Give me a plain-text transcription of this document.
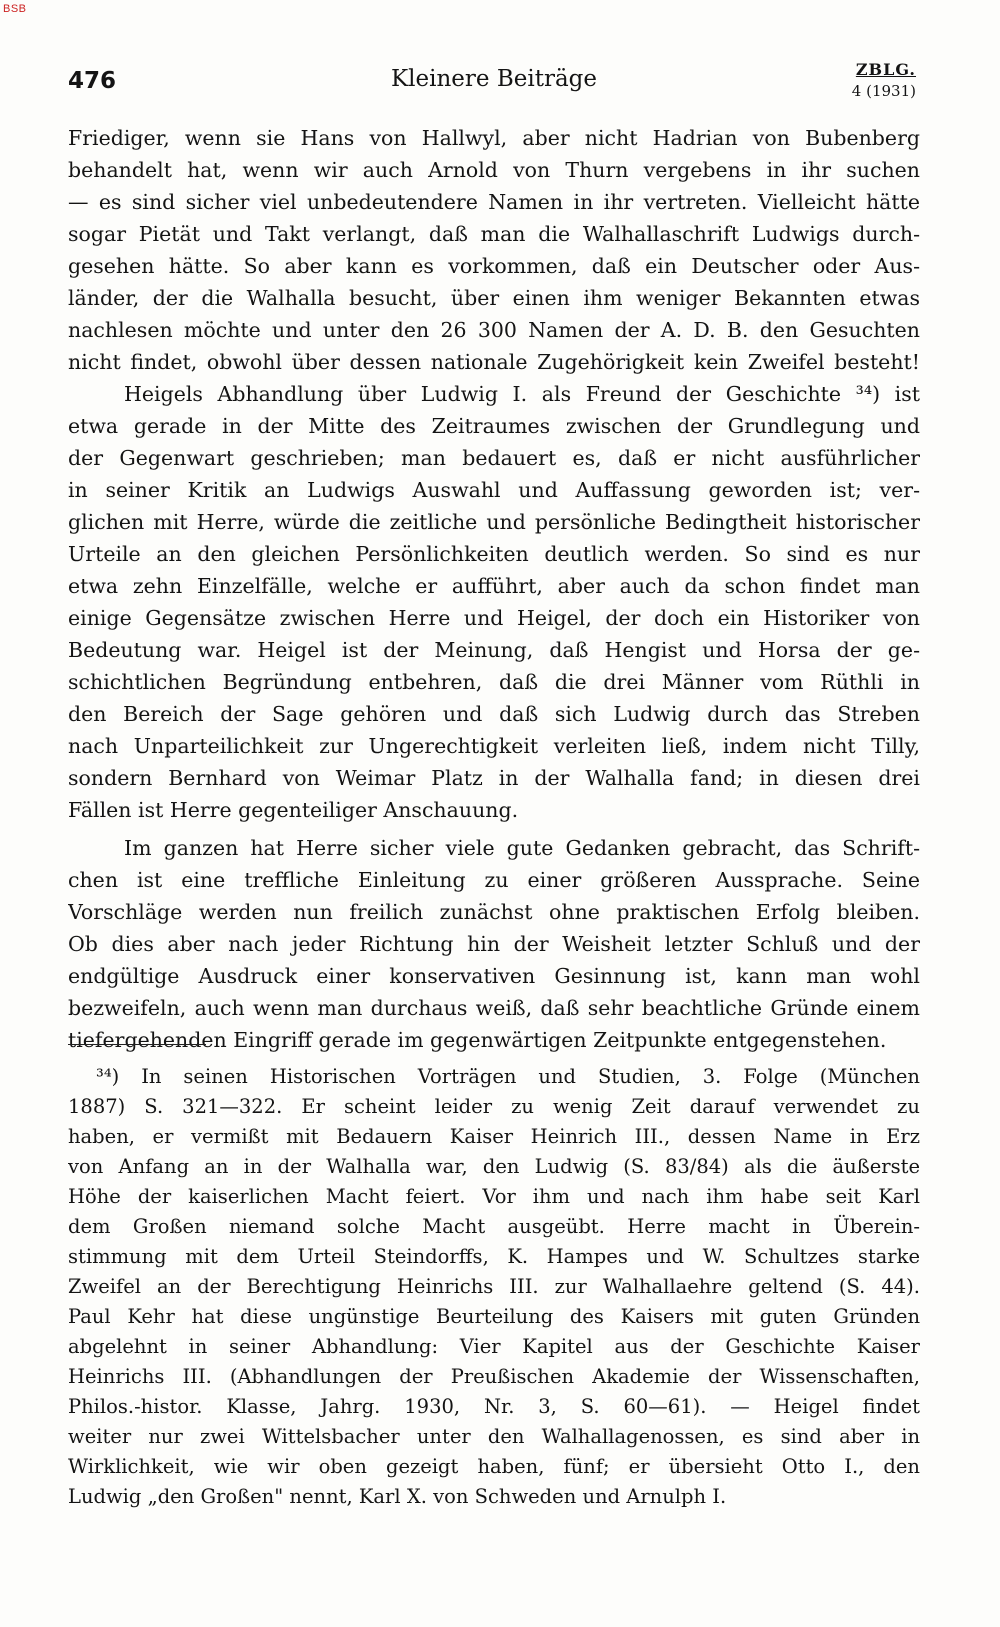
BSB
476	Kleinere Beiträge	ZBLG.
4 (1931)
Friediger, wenn sie Hans von Hallwyl, aber nicht Hadrian von Bubenberg
behandelt hat, wenn wir auch Arnold von Thurn vergebens in ihr suchen
— es sind sicher viel unbedeutendere Namen in ihr vertreten. Vielleicht hätte
sogar Pietät und Takt verlangt, daß man die Walhallaschrift Ludwigs durch-
gesehen hätte. So aber kann es vorkommen, daß ein Deutscher oder Aus-
länder, der die Walhalla besucht, über einen ihm weniger Bekannten etwas
nachlesen möchte und unter den 26 300 Namen der A. D. B. den Gesuchten
nicht findet, obwohl über dessen nationale Zugehörigkeit kein Zweifel besteht!
Heigels Abhandlung über Ludwig I. als Freund der Geschichte ³⁴) ist
etwa gerade in der Mitte des Zeitraumes zwischen der Grundlegung und
der Gegenwart geschrieben; man bedauert es, daß er nicht ausführlicher
in seiner Kritik an Ludwigs Auswahl und Auffassung geworden ist; ver-
glichen mit Herre, würde die zeitliche und persönliche Bedingtheit historischer
Urteile an den gleichen Persönlichkeiten deutlich werden. So sind es nur
etwa zehn Einzelfälle, welche er aufführt, aber auch da schon findet man
einige Gegensätze zwischen Herre und Heigel, der doch ein Historiker von
Bedeutung war. Heigel ist der Meinung, daß Hengist und Horsa der ge-
schichtlichen Begründung entbehren, daß die drei Männer vom Rüthli in
den Bereich der Sage gehören und daß sich Ludwig durch das Streben
nach Unparteilichkeit zur Ungerechtigkeit verleiten ließ, indem nicht Tilly,
sondern Bernhard von Weimar Platz in der Walhalla fand; in diesen drei
Fällen ist Herre gegenteiliger Anschauung.
Im ganzen hat Herre sicher viele gute Gedanken gebracht, das Schrift-
chen ist eine treffliche Einleitung zu einer größeren Aussprache. Seine
Vorschläge werden nun freilich zunächst ohne praktischen Erfolg bleiben.
Ob dies aber nach jeder Richtung hin der Weisheit letzter Schluß und der
endgültige Ausdruck einer konservativen Gesinnung ist, kann man wohl
bezweifeln, auch wenn man durchaus weiß, daß sehr beachtliche Gründe einem
tiefergehenden Eingriff gerade im gegenwärtigen Zeitpunkte entgegenstehen.
³⁴) In seinen Historischen Vorträgen und Studien, 3. Folge (München
1887) S. 321—322. Er scheint leider zu wenig Zeit darauf verwendet zu
haben, er vermißt mit Bedauern Kaiser Heinrich III., dessen Name in Erz
von Anfang an in der Walhalla war, den Ludwig (S. 83/84) als die äußerste
Höhe der kaiserlichen Macht feiert. Vor ihm und nach ihm habe seit Karl
dem Großen niemand solche Macht ausgeübt. Herre macht in Überein-
stimmung mit dem Urteil Steindorffs, K. Hampes und W. Schultzes starke
Zweifel an der Berechtigung Heinrichs III. zur Walhallaehre geltend (S. 44).
Paul Kehr hat diese ungünstige Beurteilung des Kaisers mit guten Gründen
abgelehnt in seiner Abhandlung: Vier Kapitel aus der Geschichte Kaiser
Heinrichs III. (Abhandlungen der Preußischen Akademie der Wissenschaften,
Philos.-histor. Klasse, Jahrg. 1930, Nr. 3, S. 60—61). — Heigel findet
weiter nur zwei Wittelsbacher unter den Walhallagenossen, es sind aber in
Wirklichkeit, wie wir oben gezeigt haben, fünf; er übersieht Otto I., den
Ludwig „den Großen" nennt, Karl X. von Schweden und Arnulph I.
